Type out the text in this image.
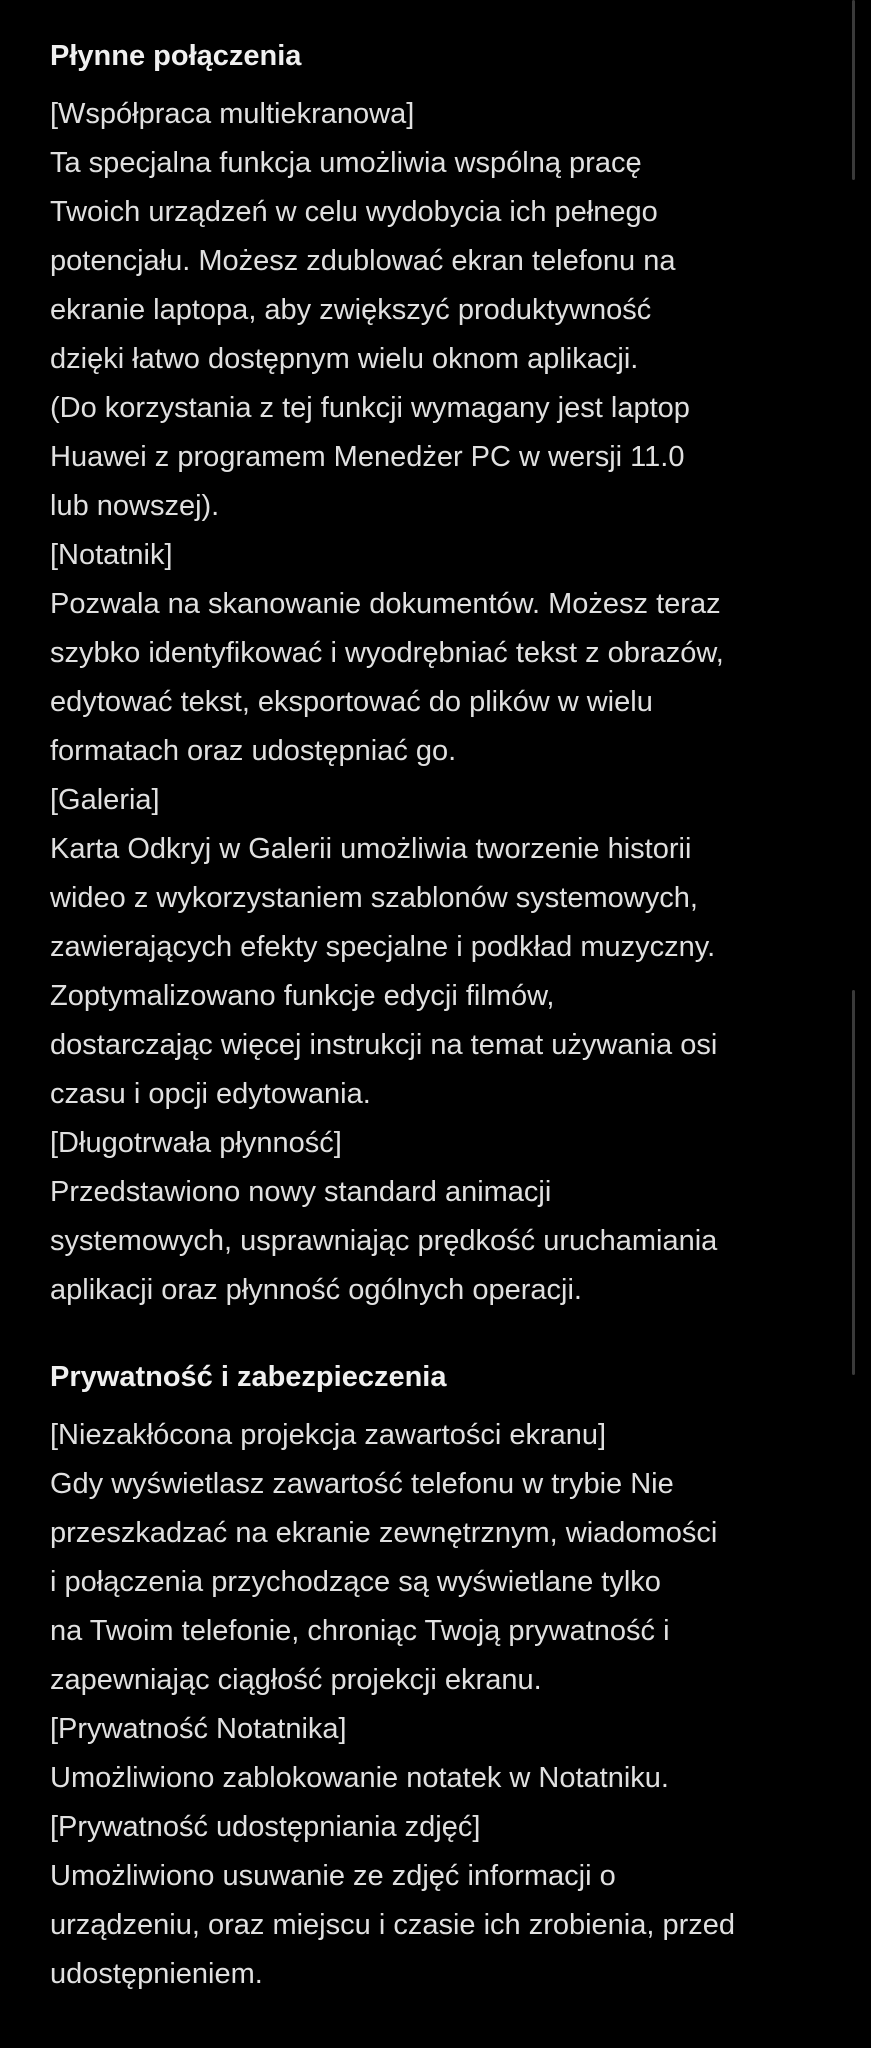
Płynne połączenia
[Współpraca multiekranowa]
Ta specjalna funkcja umożliwia wspólną pracę
Twoich urządzeń w celu wydobycia ich pełnego
potencjału. Możesz zdublować ekran telefonu na
ekranie laptopa, aby zwiększyć produktywność
dzięki łatwo dostępnym wielu oknom aplikacji.
(Do korzystania z tej funkcji wymagany jest laptop
Huawei z programem Menedżer PC w wersji 11.0
lub nowszej).
[Notatnik]
Pozwala na skanowanie dokumentów. Możesz teraz
szybko identyfikować i wyodrębniać tekst z obrazów,
edytować tekst, eksportować do plików w wielu
formatach oraz udostępniać go.
[Galeria]
Karta Odkryj w Galerii umożliwia tworzenie historii
wideo z wykorzystaniem szablonów systemowych,
zawierających efekty specjalne i podkład muzyczny.
Zoptymalizowano funkcje edycji filmów,
dostarczając więcej instrukcji na temat używania osi
czasu i opcji edytowania.
[Długotrwała płynność]
Przedstawiono nowy standard animacji
systemowych, usprawniając prędkość uruchamiania
aplikacji oraz płynność ogólnych operacji.
Prywatność i zabezpieczenia
[Niezakłócona projekcja zawartości ekranu]
Gdy wyświetlasz zawartość telefonu w trybie Nie
przeszkadzać na ekranie zewnętrznym, wiadomości
i połączenia przychodzące są wyświetlane tylko
na Twoim telefonie, chroniąc Twoją prywatność i
zapewniając ciągłość projekcji ekranu.
[Prywatność Notatnika]
Umożliwiono zablokowanie notatek w Notatniku.
[Prywatność udostępniania zdjęć]
Umożliwiono usuwanie ze zdjęć informacji o
urządzeniu, oraz miejscu i czasie ich zrobienia, przed
udostępnieniem.
